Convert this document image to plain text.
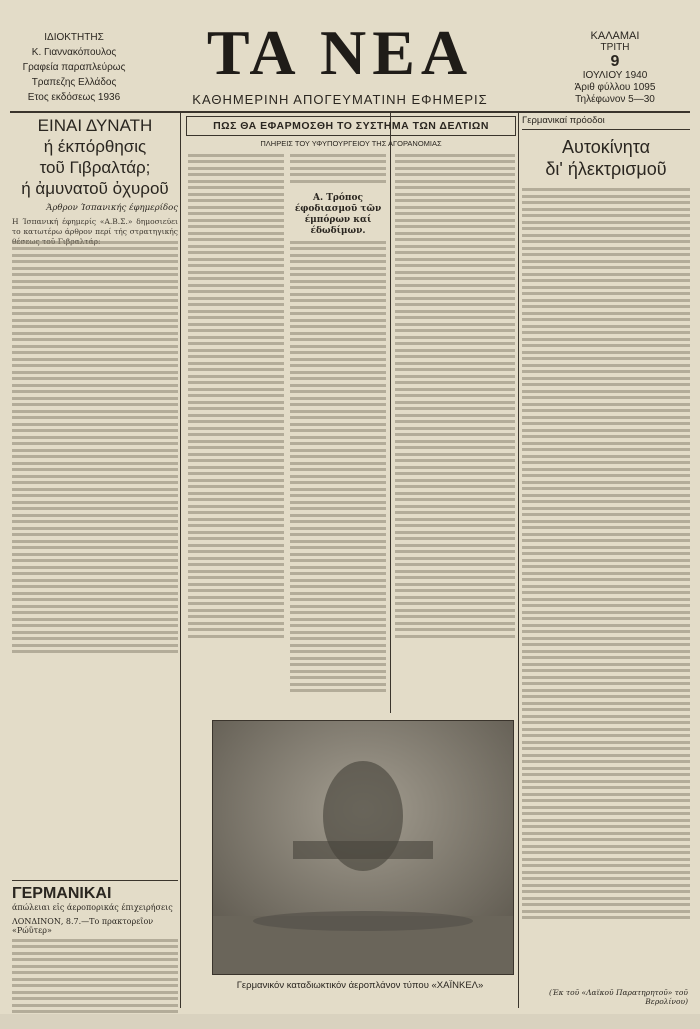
ΙΔΙΟΚΤΗΤΗΣ
Κ. Γιαννακόπουλος
Γραφεία παραπλεύρως
Τραπεζης Ελλάδος
Ετος εκδόσεως 1936
ΤΑ ΝΕΑ
ΚΑΘΗΜΕΡΙΝΗ ΑΠΟΓΕΥΜΑΤΙΝΗ ΕΦΗΜΕΡΙΣ
ΚΑΛΑΜΑΙ
ΤΡΙΤΗ
9
ΙΟΥΛΙΟΥ 1940
Άριθ φύλλου 1095
Τηλέφωνον 5—30
ΕΙΝΑΙ ΔΥΝΑΤΗ
ή έκπόρθησις
τοῦ Γιβραλτάρ;
ή ἀμυνατοῦ ὀχυροῦ
Άρθρον Ίσπανικής έφημερίδος
Η Ίσπανική έφημερίς «Α.Β.Σ.» δημοσιεύει το κατωτέρω άρθρον περί τής στρατηγικής
ΓΕΡΜΑΝΙΚΑΙ
άπώλειαι εἰς άεροπορικάς έπιχειρήσεις
ΛΟΝΔΙΝΟΝ, 8.7.—Το πρακτορεῖον «Ρώϋτερ»
ΠΩΣ ΘΑ ΕΦΑΡΜΟΣΘΗ ΤΟ ΣΥΣΤΗΜΑ ΤΩΝ ΔΕΛΤΙΩΝ
ΠΛΗΡΕΙΣ ΤΟΥ ΥΦΥΠΟΥΡΓΕΙΟΥ ΤΗΣ ΑΓΟΡΑΝΟΜΙΑΣ
Α. Τρόπος έφοδιασμοῦ τῶν έμπόρων καί έδωδίμων.
Γερμανικόν καταδιωκτικόν άεροπλάνον τύπου «ΧΑΪΝΚΕΛ»
Γερμανικαί πρόοδοι
Αυτοκίνητα
δι' ήλεκτρισμοῦ
(Έκ τοῦ «Λαϊκοῦ Παρατηρητοῦ» τοῦ Βερολίνου)
